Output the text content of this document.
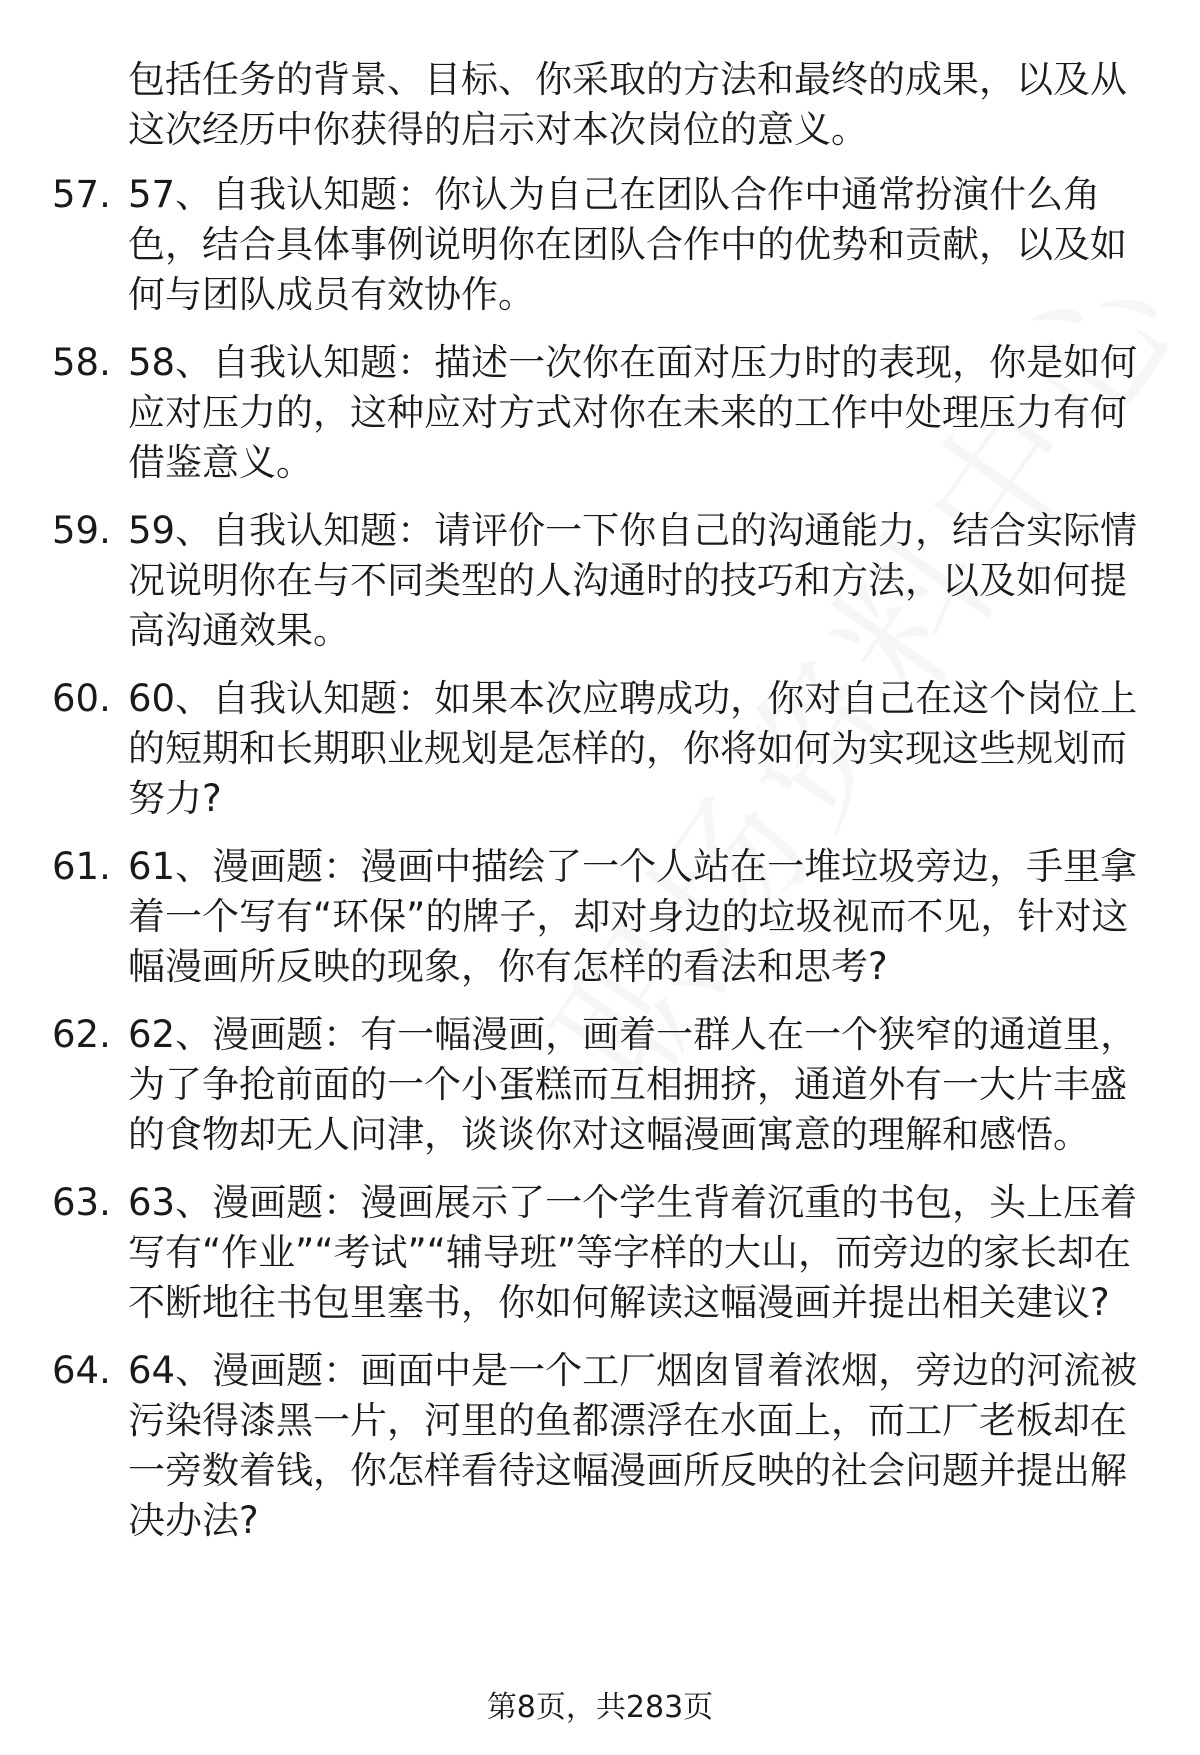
包括任务的背景、目标、你采取的方法和最终的成果，以及从这次经历中你获得的启示对本次岗位的意义。

57. 57、自我认知题：你认为自己在团队合作中通常扮演什么角色，结合具体事例说明你在团队合作中的优势和贡献，以及如何与团队成员有效协作。
58. 58、自我认知题：描述一次你在面对压力时的表现，你是如何应对压力的，这种应对方式对你在未来的工作中处理压力有何借鉴意义。
59. 59、自我认知题：请评价一下你自己的沟通能力，结合实际情况说明你在与不同类型的人沟通时的技巧和方法，以及如何提高沟通效果。
60. 60、自我认知题：如果本次应聘成功，你对自己在这个岗位上的短期和长期职业规划是怎样的，你将如何为实现这些规划而努力?
61. 61、漫画题：漫画中描绘了一个人站在一堆垃圾旁边，手里拿着一个写有“环保”的牌子，却对身边的垃圾视而不见，针对这幅漫画所反映的现象，你有怎样的看法和思考?
62. 62、漫画题：有一幅漫画，画着一群人在一个狭窄的通道里，为了争抢前面的一个小蛋糕而互相拥挤，通道外有一大片丰盛的食物却无人问津，谈谈你对这幅漫画寓意的理解和感悟。
63. 63、漫画题：漫画展示了一个学生背着沉重的书包，头上压着写有“作业”“考试”“辅导班”等字样的大山，而旁边的家长却在不断地往书包里塞书，你如何解读这幅漫画并提出相关建议?
64. 64、漫画题：画面中是一个工厂烟囱冒着浓烟，旁边的河流被污染得漆黑一片，河里的鱼都漂浮在水面上，而工厂老板却在一旁数着钱，你怎样看待这幅漫画所反映的社会问题并提出解决办法?
第8页，共283页
